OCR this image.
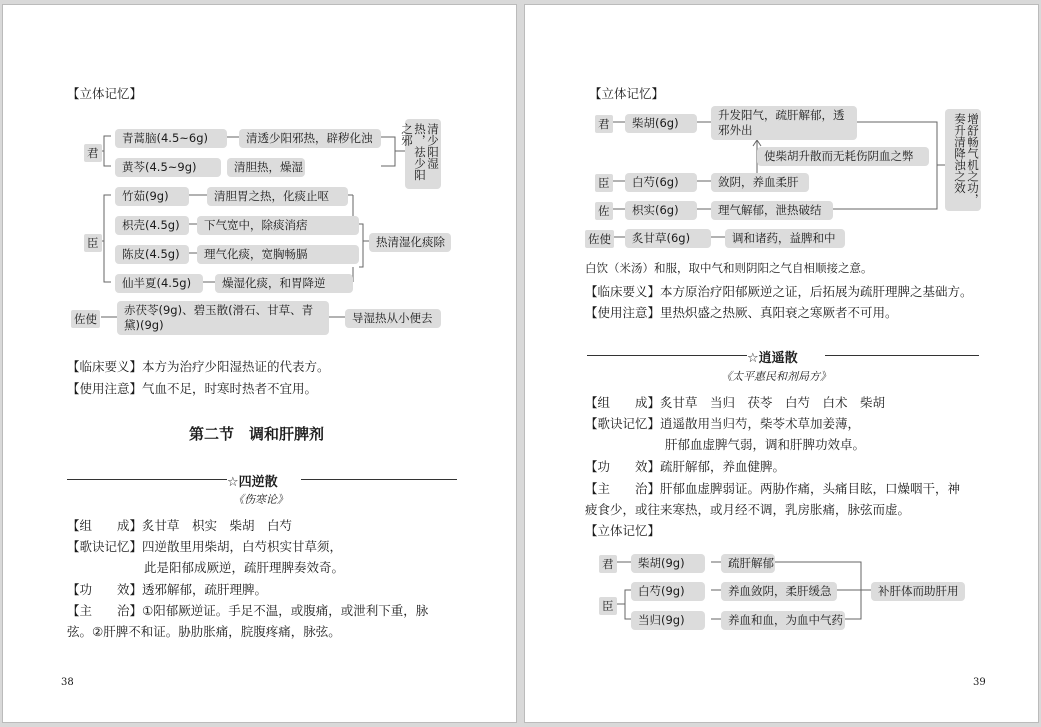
【立体记忆】
君
青蒿脑(4.5~6g)	清透少阳邪热，辟秽化浊
黄芩(4.5~9g)	清胆热，燥湿	清少阳湿热，祛少阳之邪
臣
竹茹(9g)	清胆胃之热，化痰止呕
枳壳(4.5g)	下气宽中，除痰消痞
陈皮(4.5g)	理气化痰，宽胸畅膈
仙半夏(4.5g)	燥湿化痰，和胃降逆
热清湿化痰除
佐使
赤茯苓(9g)、碧玉散(滑石、甘草、青黛)(9g)	导湿热从小便去
【临床要义】本方为治疗少阳湿热证的代表方。
【使用注意】气血不足，时寒时热者不宜用。
第二节　调和肝脾剂
☆四逆散
《伤寒论》
【组　　成】炙甘草　枳实　柴胡　白芍
【歌诀记忆】四逆散里用柴胡，白芍枳实甘草须，
此是阳郁成厥逆，疏肝理脾奏效奇。
【功　　效】透邪解郁，疏肝理脾。
【主　　治】①阳郁厥逆证。手足不温，或腹痛，或泄利下重，脉
弦。②肝脾不和证。胁肋胀痛，脘腹疼痛，脉弦。
38
【立体记忆】
君	柴胡(6g)
升发阳气，疏肝解郁，透邪外出
使柴胡升散而无耗伤阴血之弊
臣	白芍(6g)	敛阴，养血柔肝
佐	枳实(6g)	理气解郁，泄热破结
佐使	炙甘草(6g)	调和诸药，益脾和中
增舒畅气机之功，奏升清降浊之效
白饮（米汤）和服，取中气和则阴阳之气自相顺接之意。
【临床要义】本方原治疗阳郁厥逆之证，后拓展为疏肝理脾之基础方。
【使用注意】里热炽盛之热厥、真阳衰之寒厥者不可用。
☆逍遥散
《太平惠民和剂局方》
【组　　成】炙甘草　当归　茯苓　白芍　白术　柴胡
【歌诀记忆】逍遥散用当归芍，柴苓术草加姜薄，
肝郁血虚脾气弱，调和肝脾功效卓。
【功　　效】疏肝解郁，养血健脾。
【主　　治】肝郁血虚脾弱证。两胁作痛，头痛目眩，口燥咽干，神
疲食少，或往来寒热，或月经不调，乳房胀痛，脉弦而虚。
【立体记忆】
君	柴胡(9g)	疏肝解郁
臣
白芍(9g)	养血敛阴，柔肝缓急
当归(9g)	养血和血，为血中气药
补肝体而助肝用
39
